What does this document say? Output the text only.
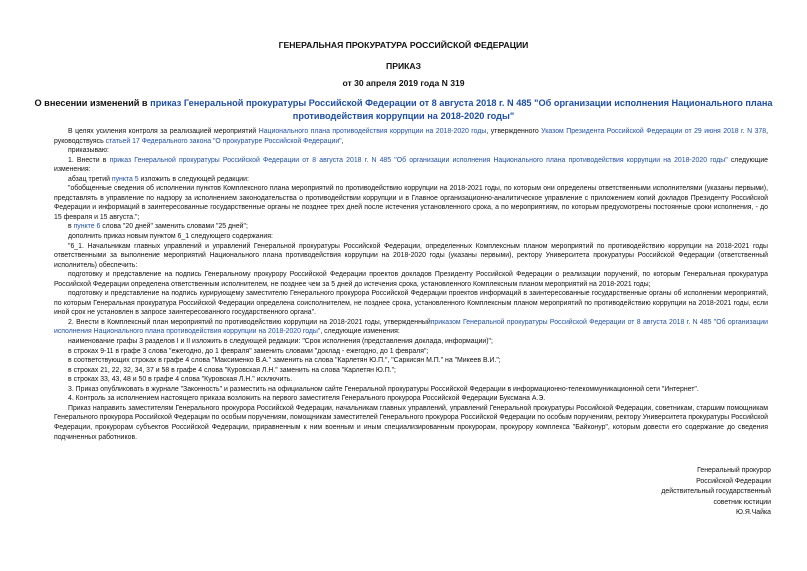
ГЕНЕРАЛЬНАЯ ПРОКУРАТУРА РОССИЙСКОЙ ФЕДЕРАЦИИ
ПРИКАЗ
от 30 апреля 2019 года N 319
О внесении изменений в приказ Генеральной прокуратуры Российской Федерации от 8 августа 2018 г. N 485 "Об организации исполнения Национального плана противодействия коррупции на 2018-2020 годы"

В целях усиления контроля за реализацией мероприятий Национального плана противодействия коррупции на 2018-2020 годы, утвержденного Указом Президента Российской Федерации от 29 июня 2018 г. N 378, руководствуясь статьей 17 Федерального закона "О прокуратуре Российской Федерации",

приказываю:

1. Внести в приказ Генеральной прокуратуры Российской Федерации от 8 августа 2018 г. N 485 "Об организации исполнения Национального плана противодействия коррупции на 2018-2020 годы" следующие изменения:

абзац третий пункта 5 изложить в следующей редакции:

"обобщенные сведения об исполнении пунктов Комплексного плана мероприятий по противодействию коррупции на 2018-2021 годы, по которым они определены ответственными исполнителями (указаны первыми), представлять в управление по надзору за исполнением законодательства о противодействии коррупции и в Главное организационно-аналитическое управление с приложением копий докладов Президенту Российской Федерации и информаций в заинтересованные государственные органы не позднее трех дней после истечения установленного срока, а по мероприятиям, по которым предусмотрены постоянные сроки исполнения, - до 15 февраля и 15 августа.";

в пункте 6 слова "20 дней" заменить словами "25 дней";

дополнить приказ новым пунктом 6_1 следующего содержания:

"6_1. Начальникам главных управлений и управлений Генеральной прокуратуры Российской Федерации, определенных Комплексным планом мероприятий по противодействию коррупции на 2018-2021 годы ответственными за выполнение мероприятий Национального плана противодействия коррупции на 2018-2020 годы (указаны первыми), ректору Университета прокуратуры Российской Федерации (ответственный исполнитель) обеспечить:

подготовку и представление на подпись Генеральному прокурору Российской Федерации проектов докладов Президенту Российской Федерации о реализации поручений, по которым Генеральная прокуратура Российской Федерации определена ответственным исполнителем, не позднее чем за 5 дней до истечения срока, установленного Комплексным планом мероприятий на 2018-2021 годы;

подготовку и представление на подпись курирующему заместителю Генерального прокурора Российской Федерации проектов информаций в заинтересованные государственные органы об исполнении мероприятий, по которым Генеральная прокуратура Российской Федерации определена соисполнителем, не позднее срока, установленного Комплексным планом мероприятий по противодействию коррупции на 2018-2021 годы, если иной срок не установлен в запросе заинтересованного государственного органа".

2. Внести в Комплексный план мероприятий по противодействию коррупции на 2018-2021 годы, утвержденныйприказом Генеральной прокуратуры Российской Федерации от 8 августа 2018 г. N 485 "Об организации исполнения Национального плана противодействия коррупции на 2018-2020 годы", следующие изменения:

наименование графы 3 разделов I и II изложить в следующей редакции: "Срок исполнения (представления доклада, информации)";

в строках 9-11 в графе 3 слова "ежегодно, до 1 февраля" заменить словами "доклад - ежегодно, до 1 февраля";

в соответствующих строках в графе 4 слова "Максименко В.А." заменить на слова "Карлетян Ю.П.", "Саркисян М.П." на "Микеев В.И.";

в строках 21, 22, 32, 34, 37 и 58 в графе 4 слова "Куровская Л.Н." заменить на слова "Карлетян Ю.П.";

в строках 33, 43, 48 и 50 в графе 4 слова "Куровская Л.Н." исключить.

3. Приказ опубликовать в журнале "Законность" и разместить на официальном сайте Генеральной прокуратуры Российской Федерации в информационно-телекоммуникационной сети "Интернет".

4. Контроль за исполнением настоящего приказа возложить на первого заместителя Генерального прокурора Российской Федерации Буксмана А.Э.

Приказ направить заместителям Генерального прокурора Российской Федерации, начальникам главных управлений, управлений Генеральной прокуратуры Российской Федерации, советникам, старшим помощникам Генерального прокурора Российской Федерации по особым поручениям, помощникам заместителей Генерального прокурора Российской Федерации по особым поручениям, ректору Университета прокуратуры Российской Федерации, прокурорам субъектов Российской Федерации, приравненным к ним военным и иным специализированным прокурорам, прокурору комплекса "Байконур", которым довести его содержание до сведения подчиненных работников.

Генеральный прокурор
Российской Федерации
действительный государственный
советник юстиции
Ю.Я.Чайка
